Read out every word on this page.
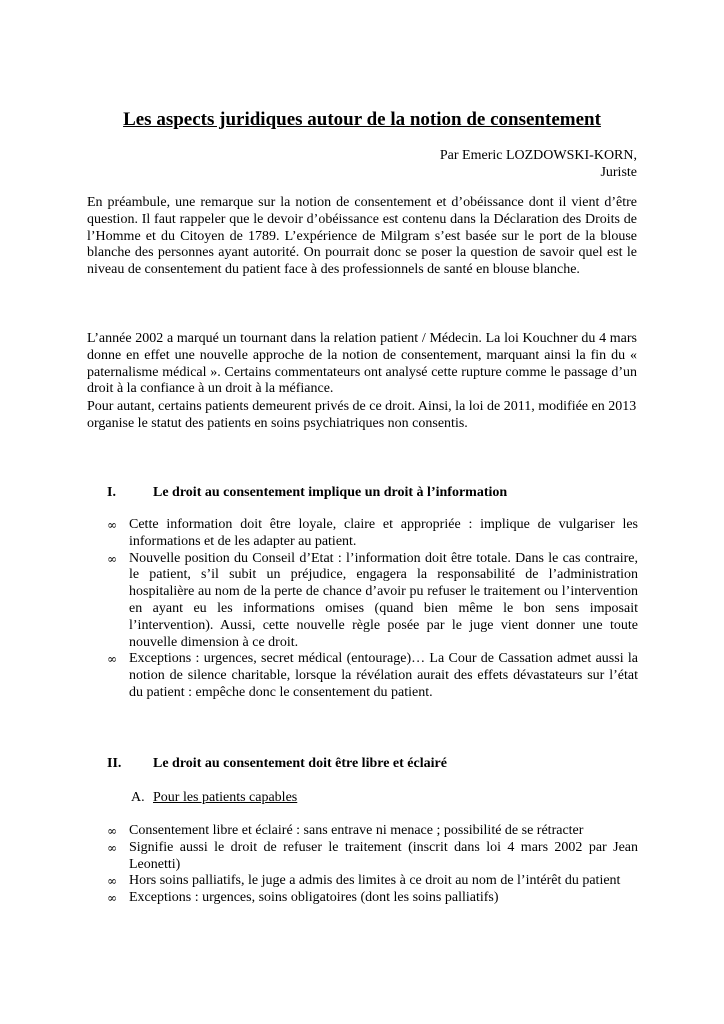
Les aspects juridiques autour de la notion de consentement
Par Emeric LOZDOWSKI-KORN,
Juriste

En préambule, une remarque sur la notion de consentement et d’obéissance dont il vient d’être question. Il faut rappeler que le devoir d’obéissance est contenu dans la Déclaration des Droits de l’Homme et du Citoyen de 1789. L’expérience de Milgram s’est basée sur le port de la blouse blanche des personnes ayant autorité. On pourrait donc se poser la question de savoir quel est le niveau de consentement du patient face à des professionnels de santé en blouse blanche.

L’année 2002 a marqué un tournant dans la relation patient / Médecin. La loi Kouchner du 4 mars donne en effet une nouvelle approche de la notion de consentement, marquant ainsi la fin du « paternalisme médical ». Certains commentateurs ont analysé cette rupture comme le passage d’un droit à la confiance à un droit à la méfiance.

Pour autant, certains patients demeurent privés de ce droit. Ainsi, la loi de 2011, modifiée en 2013 organise le statut des patients en soins psychiatriques non consentis.

I.	Le droit au consentement implique un droit à l’information
∞ Cette information doit être loyale, claire et appropriée : implique de vulgariser les informations et de les adapter au patient.
∞ Nouvelle position du Conseil d’Etat : l’information doit être totale. Dans le cas contraire, le patient, s’il subit un préjudice, engagera la responsabilité de l’administration hospitalière au nom de la perte de chance d’avoir pu refuser le traitement ou l’intervention en ayant eu les informations omises (quand bien même le bon sens imposait l’intervention). Aussi, cette nouvelle règle posée par le juge vient donner une toute nouvelle dimension à ce droit.
∞ Exceptions : urgences, secret médical (entourage)… La Cour de Cassation admet aussi la notion de silence charitable, lorsque la révélation aurait des effets dévastateurs sur l’état du patient : empêche donc le consentement du patient.
II.	Le droit au consentement doit être libre et éclairé
A. Pour les patients capables
∞ Consentement libre et éclairé : sans entrave ni menace ; possibilité de se rétracter
∞ Signifie aussi le droit de refuser le traitement (inscrit dans loi 4 mars 2002 par Jean Leonetti)
∞ Hors soins palliatifs, le juge a admis des limites à ce droit au nom de l’intérêt du patient
∞ Exceptions : urgences, soins obligatoires (dont les soins palliatifs)
